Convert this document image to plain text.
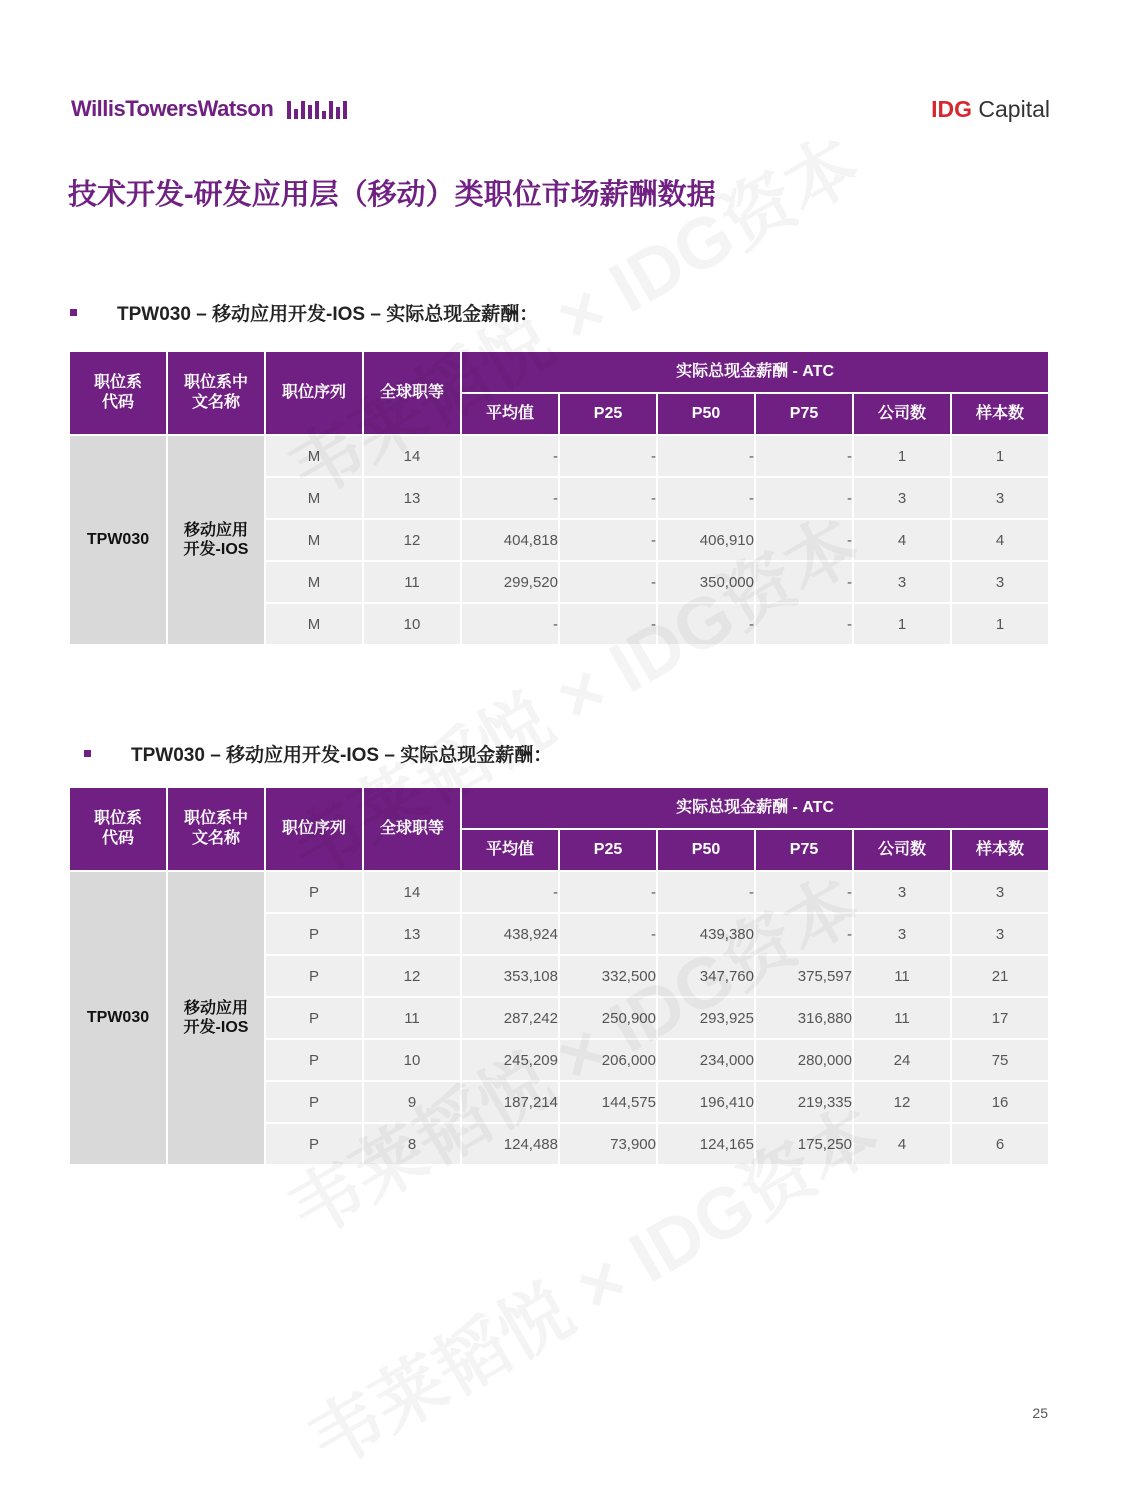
WillisTowersWatson	IDG Capital
技术开发-研发应用层（移动）类职位市场薪酬数据
TPW030 – 移动应用开发-IOS – 实际总现金薪酬：
职位系代码	职位系中文名称	职位序列	全球职等	实际总现金薪酬 - ATC					
				平均值	P25	P50	P75	公司数	样本数
TPW030	移动应用开发-IOS	M	14	-	-	-	-	1	1
		M	13	-	-	-	-	3	3
		M	12	404,818	-	406,910	-	4	4
		M	11	299,520	-	350,000	-	3	3
		M	10	-	-	-	-	1	1
TPW030 – 移动应用开发-IOS – 实际总现金薪酬：
职位系代码	职位系中文名称	职位序列	全球职等	实际总现金薪酬 - ATC					
				平均值	P25	P50	P75	公司数	样本数
TPW030	移动应用开发-IOS	P	14	-	-	-	-	3	3
		P	13	438,924	-	439,380	-	3	3
		P	12	353,108	332,500	347,760	375,597	11	21
		P	11	287,242	250,900	293,925	316,880	11	17
		P	10	245,209	206,000	234,000	280,000	24	75
		P	9	187,214	144,575	196,410	219,335	12	16
		P	8	124,488	73,900	124,165	175,250	4	6
25
